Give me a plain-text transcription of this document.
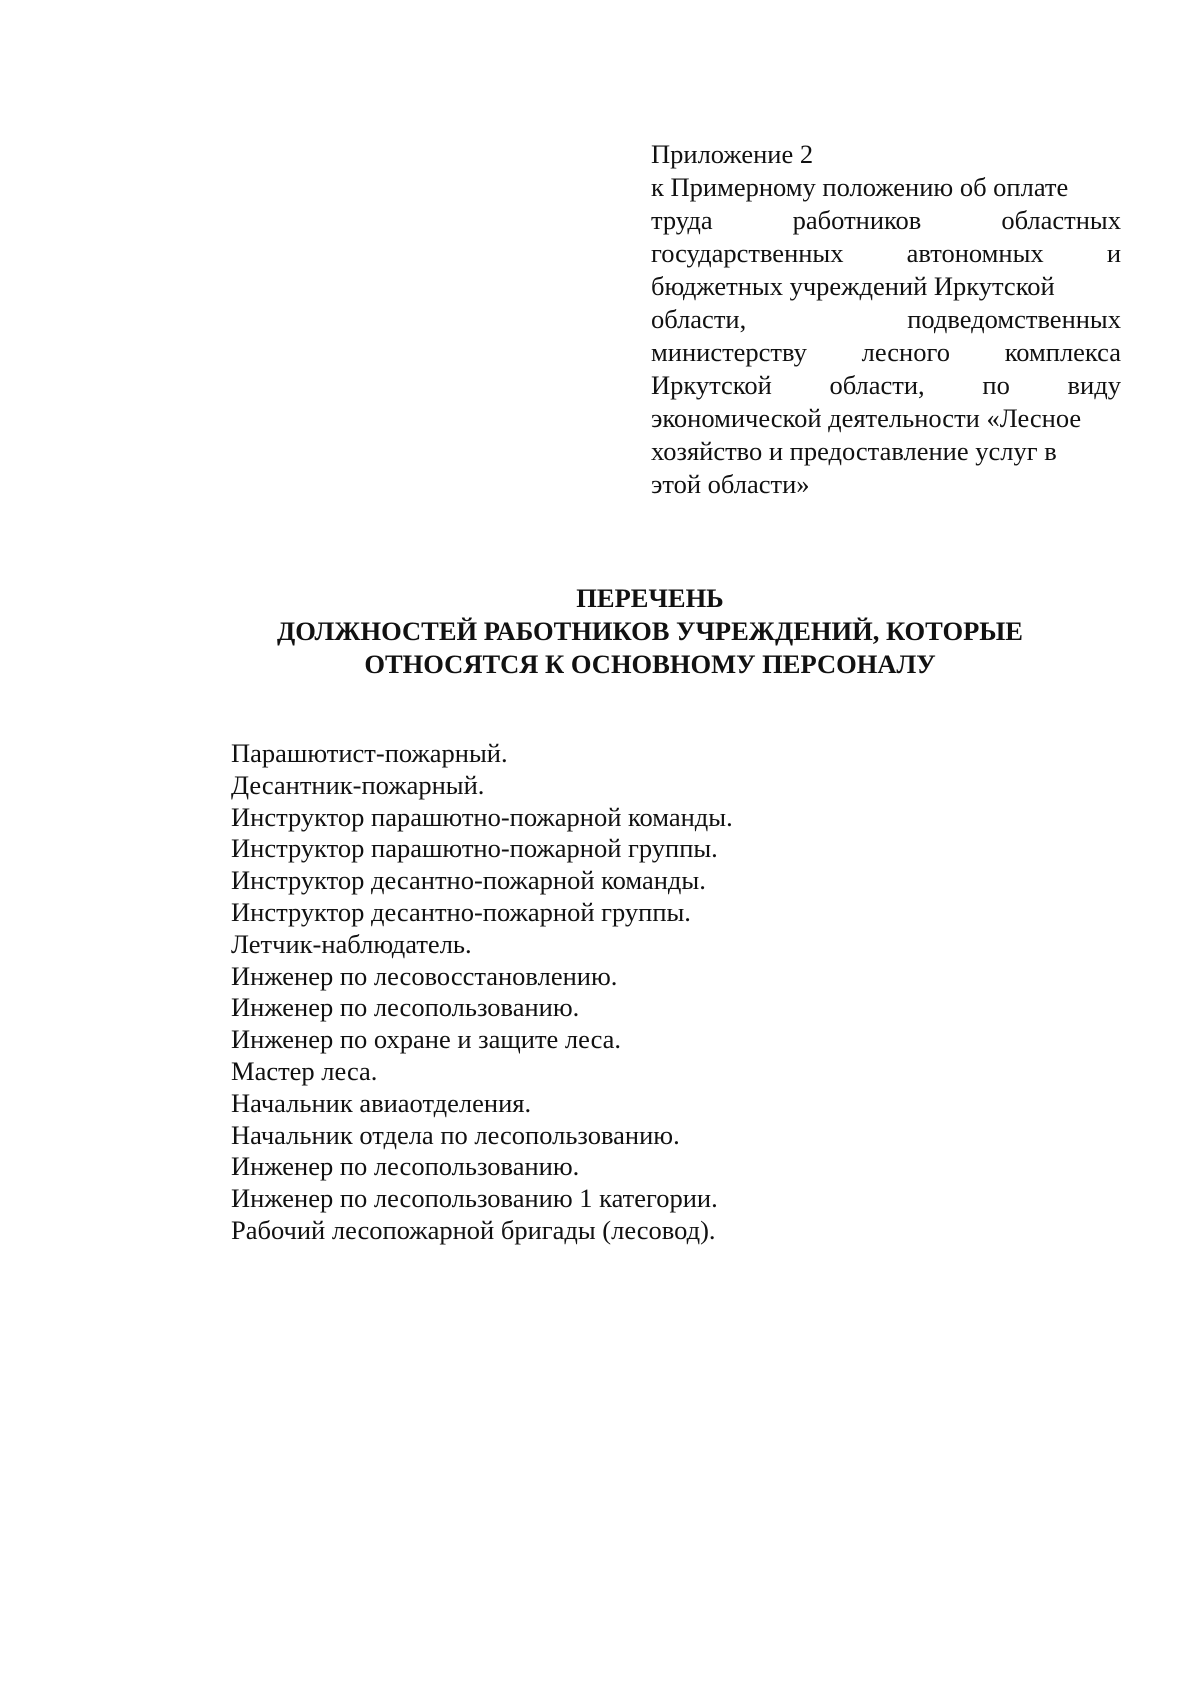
Приложение 2
к Примерному положению об оплате
труда	работников	областных
государственных автономных и
бюджетных учреждений Иркутской
области,	подведомственных
министерству лесного комплекса
Иркутской области, по виду
экономической деятельности «Лесное
хозяйство и предоставление услуг в
этой области»
ПЕРЕЧЕНЬ
ДОЛЖНОСТЕЙ РАБОТНИКОВ УЧРЕЖДЕНИЙ, КОТОРЫЕ
ОТНОСЯТСЯ К ОСНОВНОМУ ПЕРСОНАЛУ
Парашютист-пожарный.
Десантник-пожарный.
Инструктор парашютно-пожарной команды.
Инструктор парашютно-пожарной группы.
Инструктор десантно-пожарной команды.
Инструктор десантно-пожарной группы.
Летчик-наблюдатель.
Инженер по лесовосстановлению.
Инженер по лесопользованию.
Инженер по охране и защите леса.
Мастер леса.
Начальник авиаотделения.
Начальник отдела по лесопользованию.
Инженер по лесопользованию.
Инженер по лесопользованию 1 категории.
Рабочий лесопожарной бригады (лесовод).
